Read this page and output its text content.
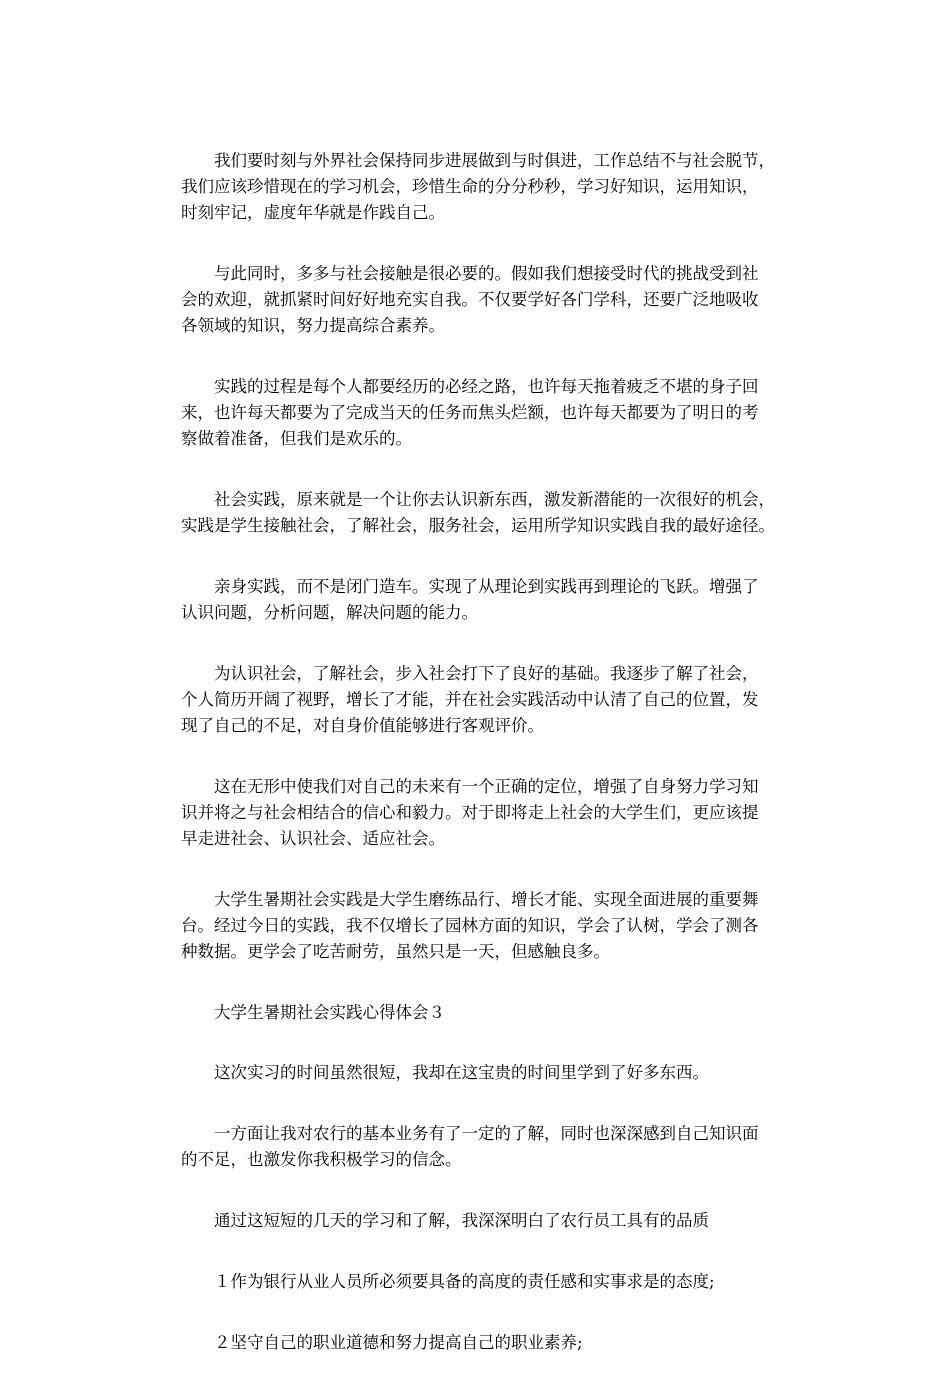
我们要时刻与外界社会保持同步进展做到与时俱进，工作总结不与社会脱节，
我们应该珍惜现在的学习机会，珍惜生命的分分秒秒，学习好知识，运用知识，
时刻牢记，虚度年华就是作践自己。

与此同时，多多与社会接触是很必要的。假如我们想接受时代的挑战受到社
会的欢迎，就抓紧时间好好地充实自我。不仅要学好各门学科，还要广泛地吸收
各领域的知识，努力提高综合素养。

实践的过程是每个人都要经历的必经之路，也许每天拖着疲乏不堪的身子回
来，也许每天都要为了完成当天的任务而焦头烂额，也许每天都要为了明日的考
察做着准备，但我们是欢乐的。

社会实践，原来就是一个让你去认识新东西，激发新潜能的一次很好的机会，
实践是学生接触社会，了解社会，服务社会，运用所学知识实践自我的最好途径。

亲身实践，而不是闭门造车。实现了从理论到实践再到理论的飞跃。增强了
认识问题，分析问题，解决问题的能力。

为认识社会，了解社会，步入社会打下了良好的基础。我逐步了解了社会，
个人简历开阔了视野，增长了才能，并在社会实践活动中认清了自己的位置，发
现了自己的不足，对自身价值能够进行客观评价。

这在无形中使我们对自己的未来有一个正确的定位，增强了自身努力学习知
识并将之与社会相结合的信心和毅力。对于即将走上社会的大学生们，更应该提
早走进社会、认识社会、适应社会。

大学生暑期社会实践是大学生磨练品行、增长才能、实现全面进展的重要舞
台。经过今日的实践，我不仅增长了园林方面的知识，学会了认树，学会了测各
种数据。更学会了吃苦耐劳，虽然只是一天，但感触良多。

大学生暑期社会实践心得体会３

这次实习的时间虽然很短，我却在这宝贵的时间里学到了好多东西。

一方面让我对农行的基本业务有了一定的了解，同时也深深感到自己知识面
的不足，也激发你我积极学习的信念。

通过这短短的几天的学习和了解，我深深明白了农行员工具有的品质

１作为银行从业人员所必须要具备的高度的责任感和实事求是的态度;

２坚守自己的职业道德和努力提高自己的职业素养;
